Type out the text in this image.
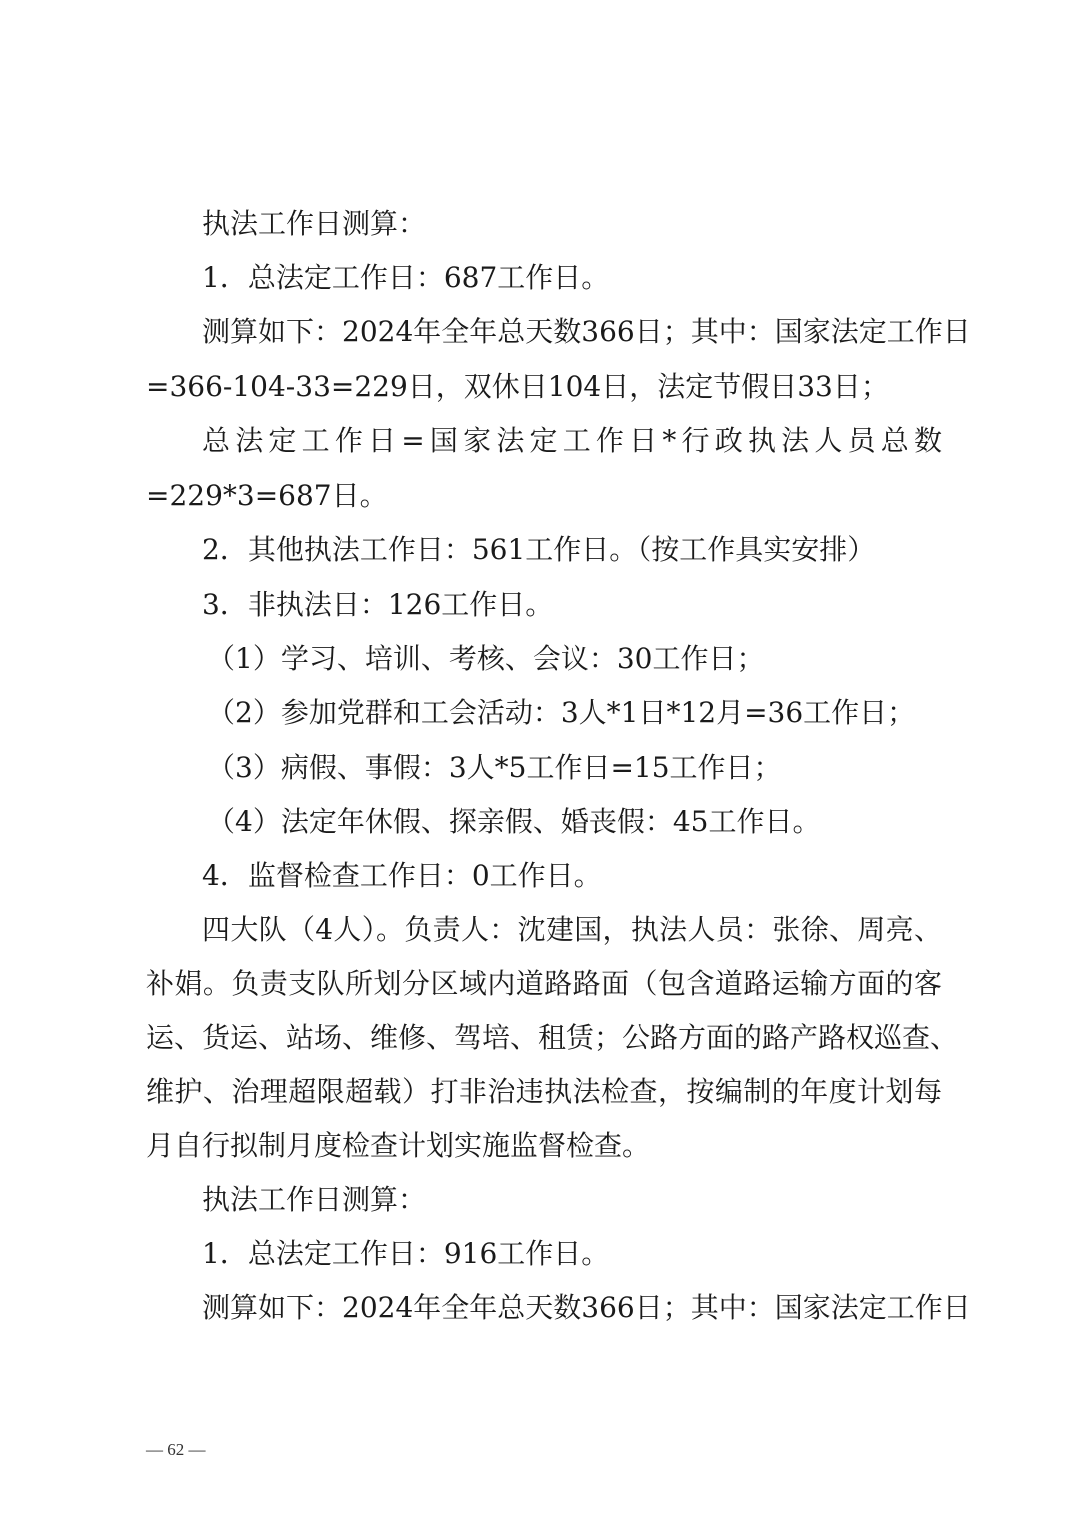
执法工作日测算：
1．总法定工作日：687工作日。
测算如下：2024年全年总天数366日；其中：国家法定工作日
=366-104-33=229日，双休日104日，法定节假日33日；
总法定工作日=国家法定工作日*行政执法人员总数
=229*3=687日。
2．其他执法工作日：561工作日。（按工作具实安排）
3．非执法日：126工作日。
（1）学习、培训、考核、会议：30工作日；
（2）参加党群和工会活动：3人*1日*12月=36工作日；
（3）病假、事假：3人*5工作日=15工作日；
（4）法定年休假、探亲假、婚丧假：45工作日。
4．监督检查工作日：0工作日。
四大队（4人）。负责人：沈建国，执法人员：张徐、周亮、
补娟。负责支队所划分区域内道路路面（包含道路运输方面的客
运、货运、站场、维修、驾培、租赁；公路方面的路产路权巡查、
维护、治理超限超载）打非治违执法检查，按编制的年度计划每
月自行拟制月度检查计划实施监督检查。
执法工作日测算：
1．总法定工作日：916工作日。
测算如下：2024年全年总天数366日；其中：国家法定工作日
— 62 —
